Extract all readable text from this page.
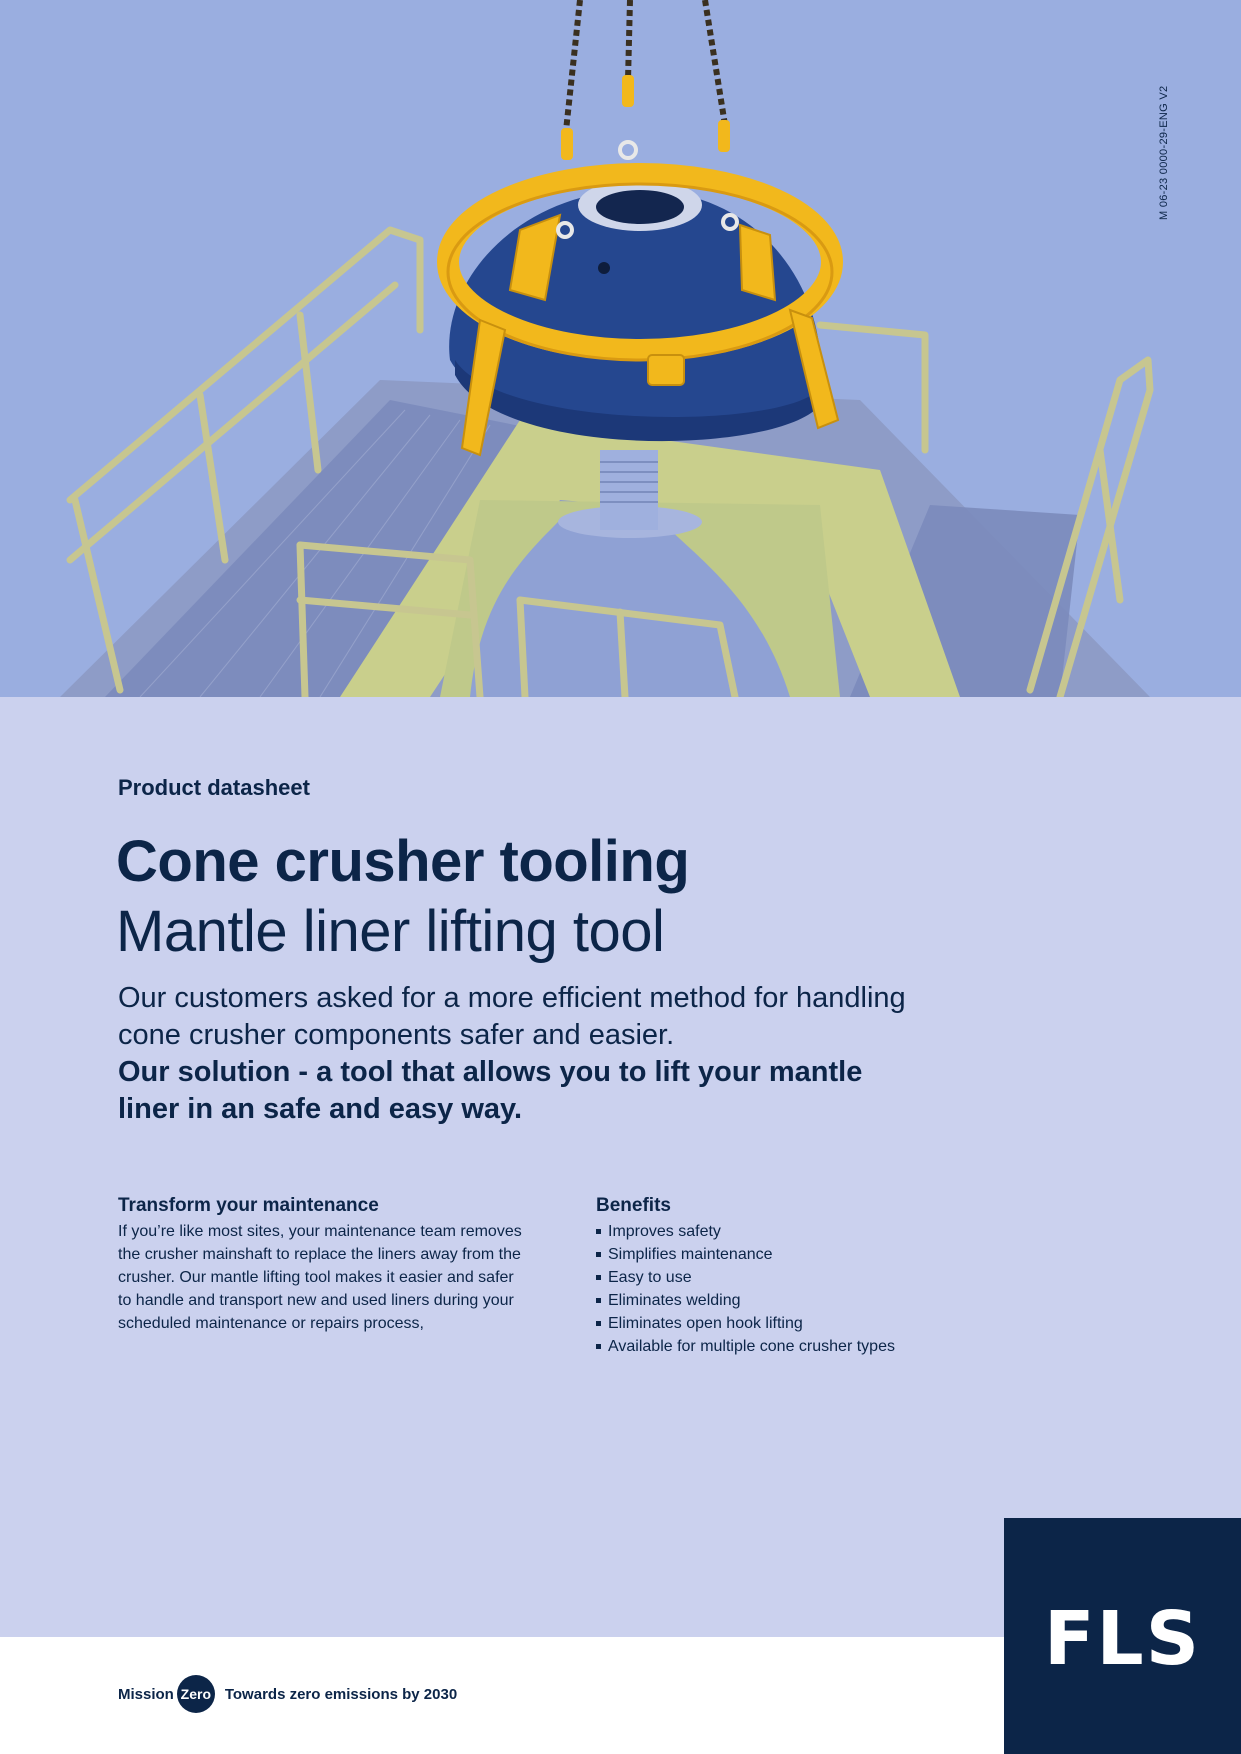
M 06-23 0000-29-ENG V2
Product datasheet
Cone crusher tooling
Mantle liner lifting tool
Our customers asked for a more efficient method for handling cone crusher components safer and easier.
Our solution - a tool that allows you to lift your mantle liner in an safe and easy way.
Transform your maintenance
If you’re like most sites, your maintenance team removes the crusher mainshaft to replace the liners away from the crusher. Our mantle lifting tool makes it easier and safer to handle and transport new and used liners during your scheduled maintenance or repairs process,
Benefits
Improves safety
Simplifies maintenance
Easy to use
Eliminates welding
Eliminates open hook lifting
Available for multiple cone crusher types
Mission Zero Towards zero emissions by 2030
FLS
